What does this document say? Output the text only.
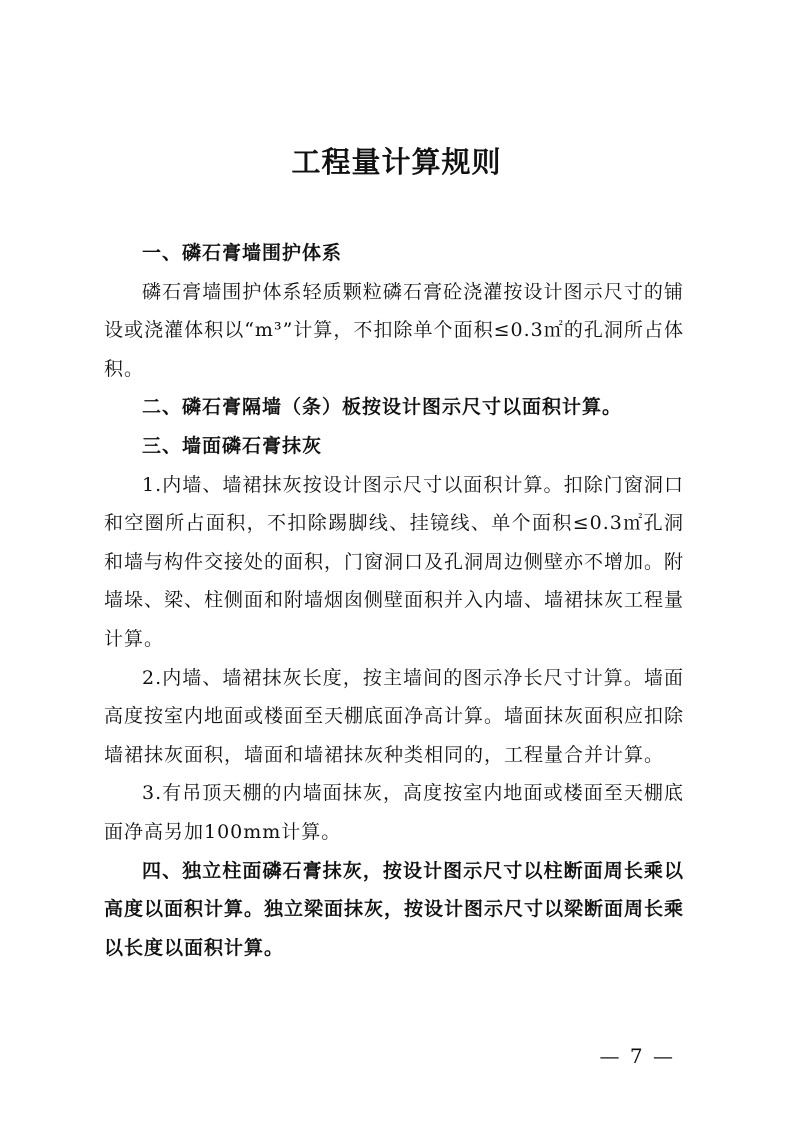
工程量计算规则

一、磷石膏墙围护体系

磷石膏墙围护体系轻质颗粒磷石膏砼浇灌按设计图示尺寸的铺设或浇灌体积以“m³”计算，不扣除单个面积≤0.3㎡的孔洞所占体积。

二、磷石膏隔墙（条）板按设计图示尺寸以面积计算。

三、墙面磷石膏抹灰

1.内墙、墙裙抹灰按设计图示尺寸以面积计算。扣除门窗洞口和空圈所占面积，不扣除踢脚线、挂镜线、单个面积≤0.3㎡孔洞和墙与构件交接处的面积，门窗洞口及孔洞周边侧壁亦不增加。附墙垛、梁、柱侧面和附墙烟囱侧壁面积并入内墙、墙裙抹灰工程量计算。

2.内墙、墙裙抹灰长度，按主墙间的图示净长尺寸计算。墙面高度按室内地面或楼面至天棚底面净高计算。墙面抹灰面积应扣除墙裙抹灰面积，墙面和墙裙抹灰种类相同的，工程量合并计算。

3.有吊顶天棚的内墙面抹灰，高度按室内地面或楼面至天棚底面净高另加100mm计算。

四、独立柱面磷石膏抹灰，按设计图示尺寸以柱断面周长乘以高度以面积计算。独立梁面抹灰，按设计图示尺寸以梁断面周长乘以长度以面积计算。

— 7 —
